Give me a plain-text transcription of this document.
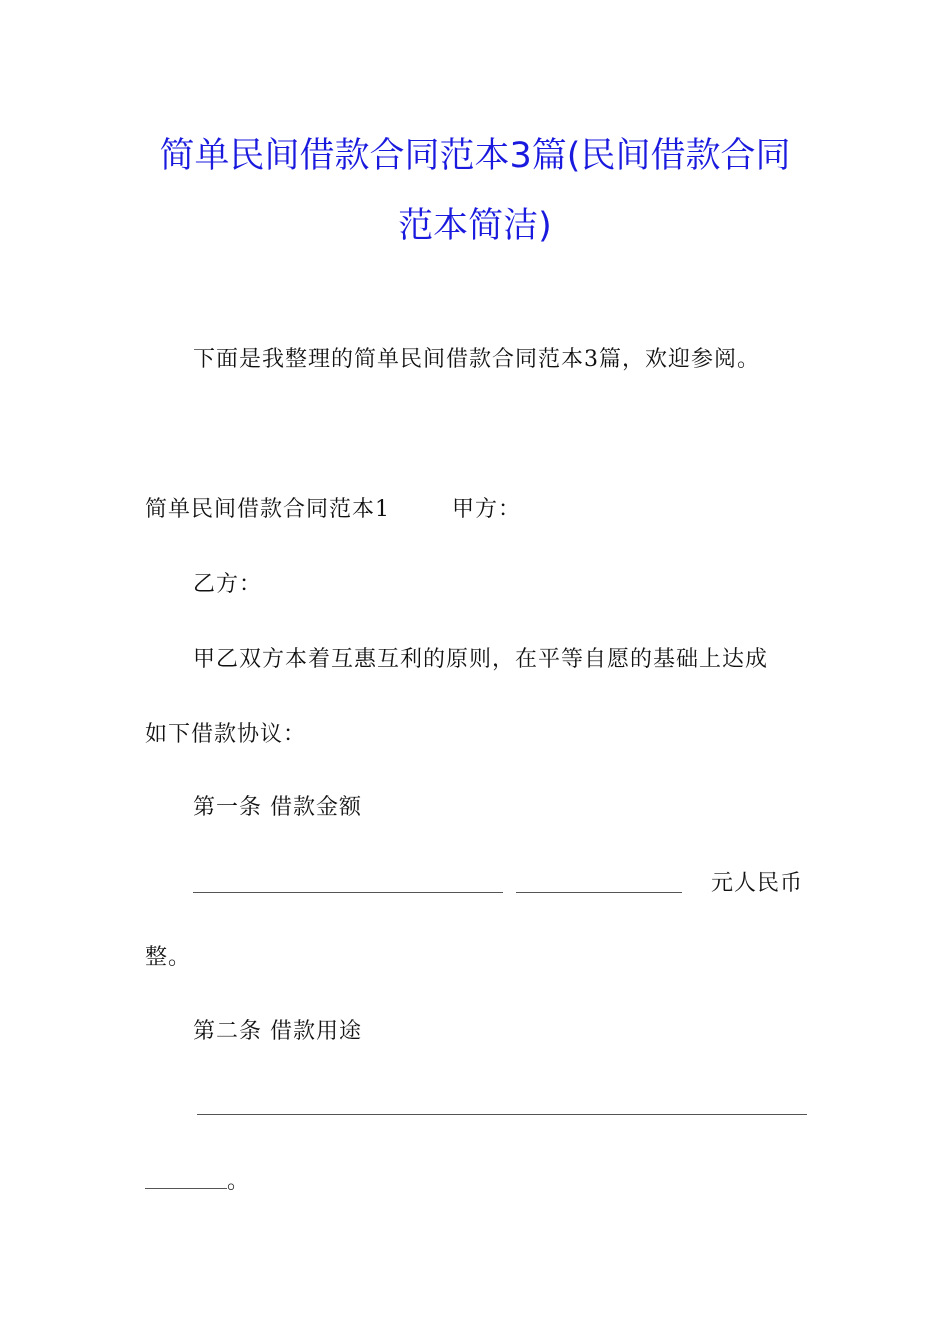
简单民间借款合同范本3篇(民间借款合同
范本简洁)
下面是我整理的简单民间借款合同范本3篇，欢迎参阅。
简单民间借款合同范本1	甲方：
乙方：
甲乙双方本着互惠互利的原则，在平等自愿的基础上达成
如下借款协议：
第一条 借款金额
元人民币
整。
第二条 借款用途
。
